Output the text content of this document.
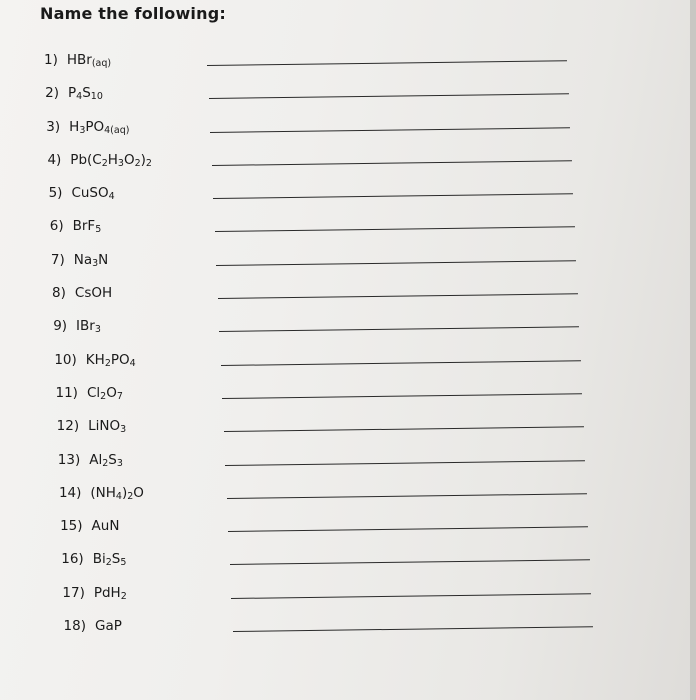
Name the following:
1) HBr$_{(aq)}$
2) $P_4S_{10}$
3) $H_3PO_{4(aq)}$
4) $Pb(C_2H_3O_2)_2$
5) CuSO$_4$
6) BrF$_5$
7) $Na_3N$
8) CsOH
9) IBr$_3$
10) $KH_2PO_4$
11) $Cl_2O_7$
12) LiNO$_3$
13) $Al_2S_3$
14) $(NH_4)_2O$
15) AuN
16) $Bi_2S_5$
17) PdH$_2$
18) GaP
